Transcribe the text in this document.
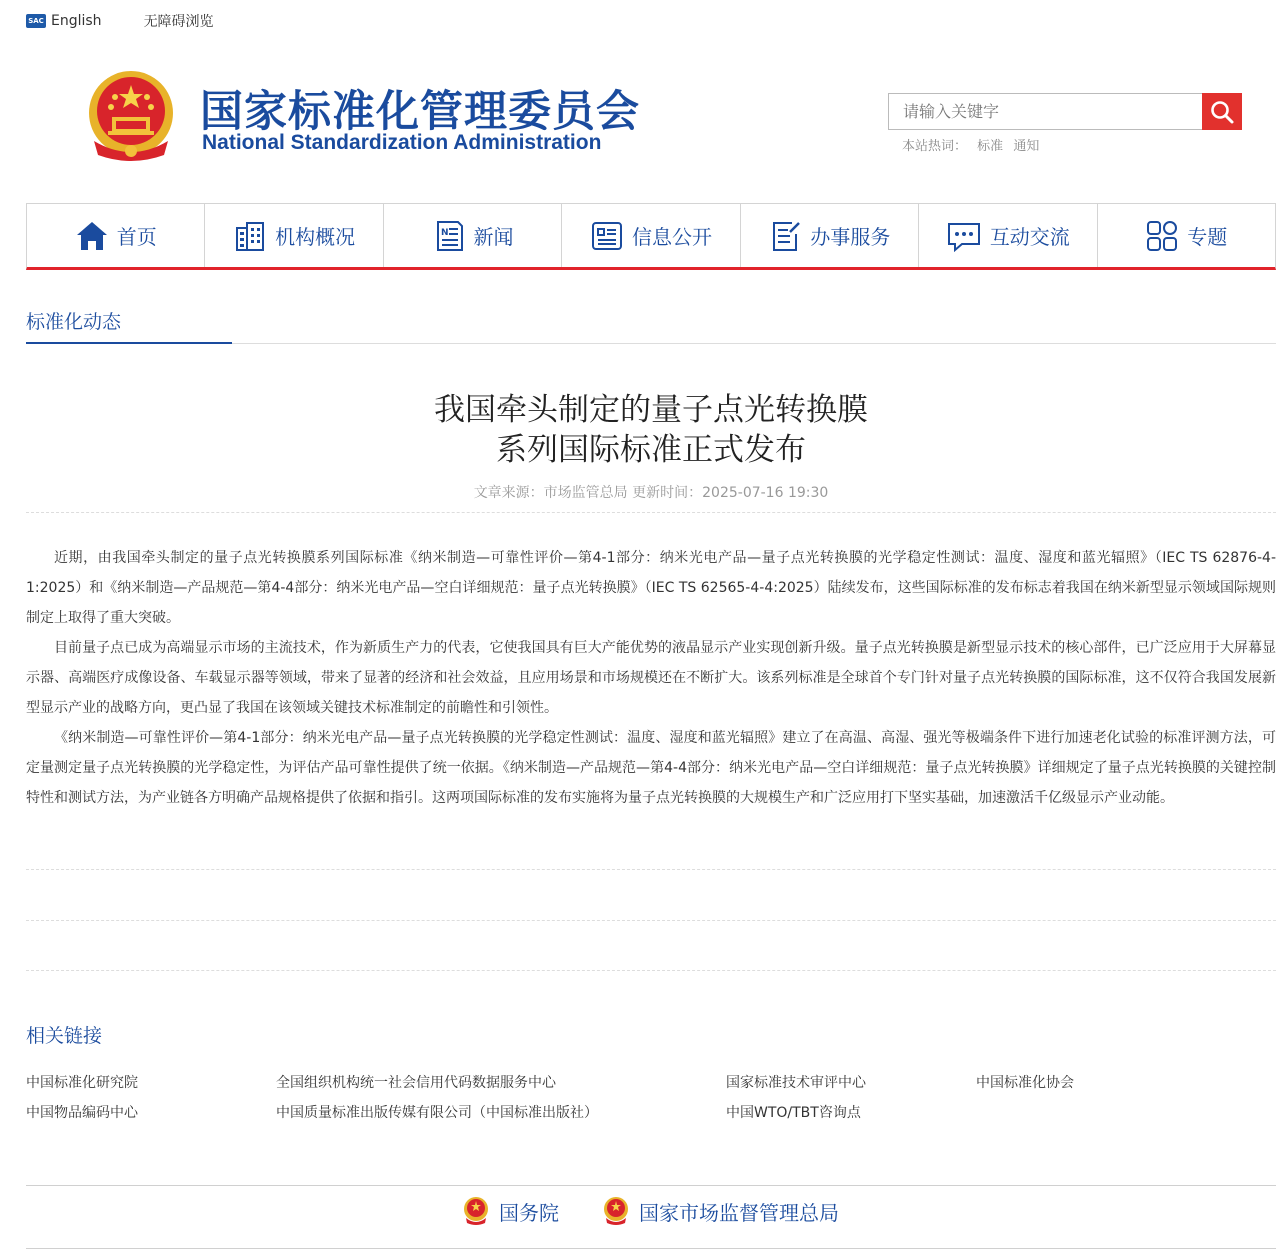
SAC English	无障碍浏览
国家标准化管理委员会
National Standardization Administration
请输入关键字	本站热词： 标准 通知
首页	机构概况	N 新闻	信息公开	办事服务	互动交流	专题
标准化动态
我国牵头制定的量子点光转换膜
系列国际标准正式发布
文章来源：市场监管总局 更新时间：2025-07-16 19:30

近期，由我国牵头制定的量子点光转换膜系列国际标准《纳米制造—可靠性评价—第4-1部分：纳米光电产品—量子点光转换膜的光学稳定性测试：温度、湿度和蓝光辐照》（IEC TS 62876-4-1:2025）和《纳米制造—产品规范—第4-4部分：纳米光电产品—空白详细规范：量子点光转换膜》（IEC TS 62565-4-4:2025）陆续发布，这些国际标准的发布标志着我国在纳米新型显示领域国际规则制定上取得了重大突破。

目前量子点已成为高端显示市场的主流技术，作为新质生产力的代表，它使我国具有巨大产能优势的液晶显示产业实现创新升级。量子点光转换膜是新型显示技术的核心部件，已广泛应用于大屏幕显示器、高端医疗成像设备、车载显示器等领域，带来了显著的经济和社会效益，且应用场景和市场规模还在不断扩大。该系列标准是全球首个专门针对量子点光转换膜的国际标准，这不仅符合我国发展新型显示产业的战略方向，更凸显了我国在该领域关键技术标准制定的前瞻性和引领性。

《纳米制造—可靠性评价—第4-1部分：纳米光电产品—量子点光转换膜的光学稳定性测试：温度、湿度和蓝光辐照》建立了在高温、高湿、强光等极端条件下进行加速老化试验的标准评测方法，可定量测定量子点光转换膜的光学稳定性，为评估产品可靠性提供了统一依据。《纳米制造—产品规范—第4-4部分：纳米光电产品—空白详细规范：量子点光转换膜》详细规定了量子点光转换膜的关键控制特性和测试方法，为产业链各方明确产品规格提供了依据和指引。这两项国际标准的发布实施将为量子点光转换膜的大规模生产和广泛应用打下坚实基础，加速激活千亿级显示产业动能。

相关链接
中国标准化研究院	全国组织机构统一社会信用代码数据服务中心	国家标准技术审评中心	中国标准化协会
中国物品编码中心	中国质量标准出版传媒有限公司（中国标准出版社）	中国WTO/TBT咨询点
国务院	国家市场监督管理总局
